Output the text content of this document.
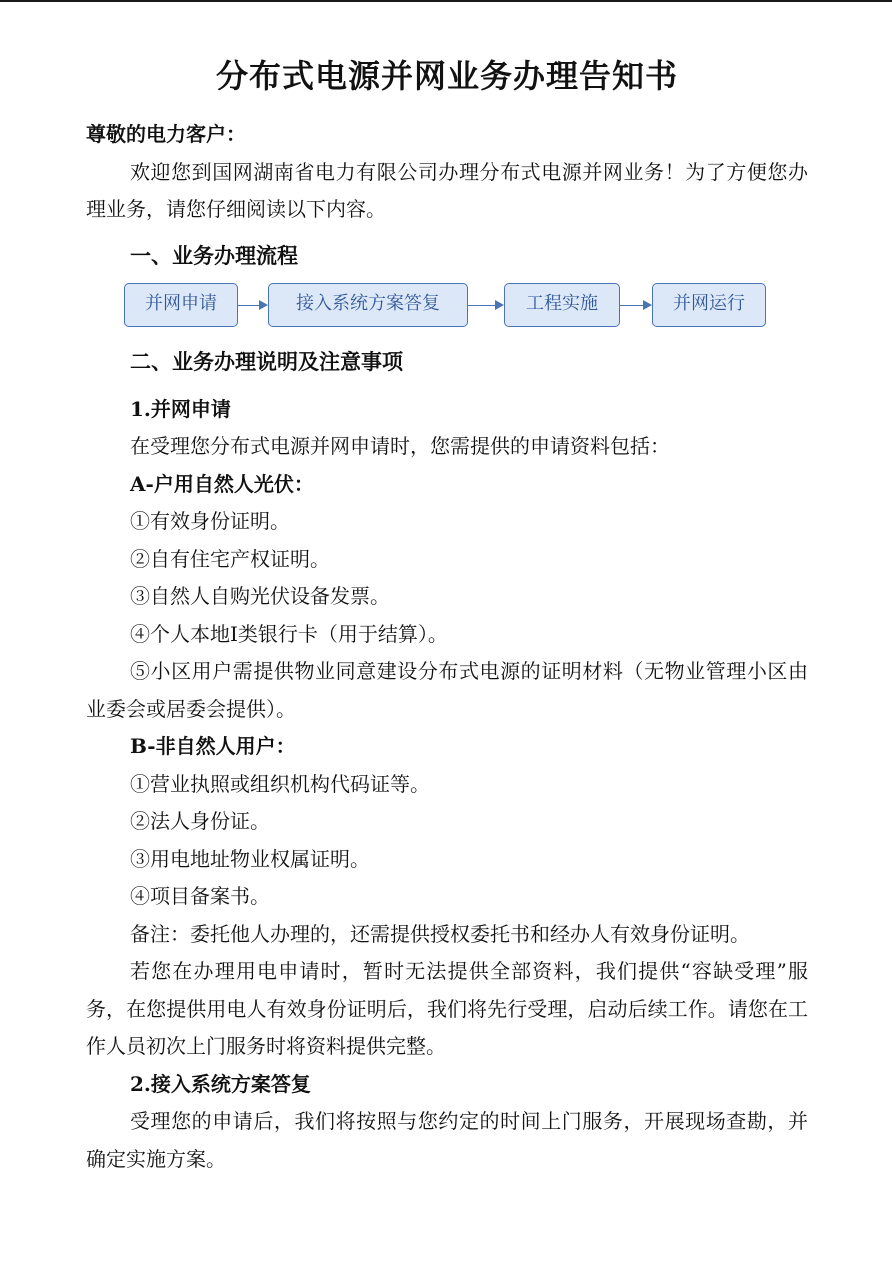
分布式电源并网业务办理告知书

尊敬的电力客户：

欢迎您到国网湖南省电力有限公司办理分布式电源并网业务！为了方便您办理业务，请您仔细阅读以下内容。

一、业务办理流程

并网申请	接入系统方案答复	工程实施	并网运行

二、业务办理说明及注意事项

1.并网申请

在受理您分布式电源并网申请时，您需提供的申请资料包括：

A-户用自然人光伏：

①有效身份证明。

②自有住宅产权证明。

③自然人自购光伏设备发票。

④个人本地Ⅰ类银行卡（用于结算）。

⑤小区用户需提供物业同意建设分布式电源的证明材料（无物业管理小区由业委会或居委会提供）。

B-非自然人用户：

①营业执照或组织机构代码证等。

②法人身份证。

③用电地址物业权属证明。

④项目备案书。

备注：委托他人办理的，还需提供授权委托书和经办人有效身份证明。

若您在办理用电申请时，暂时无法提供全部资料，我们提供“容缺受理”服务，在您提供用电人有效身份证明后，我们将先行受理，启动后续工作。请您在工作人员初次上门服务时将资料提供完整。

2.接入系统方案答复

受理您的申请后，我们将按照与您约定的时间上门服务，开展现场查勘，并确定实施方案。
